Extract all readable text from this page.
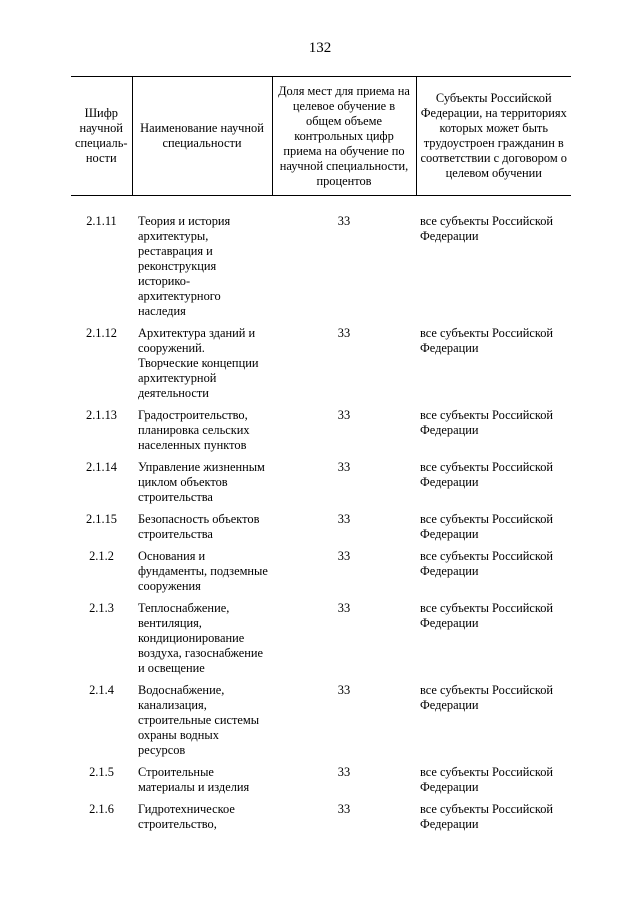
132
Шифр научной специаль-ности	Наименование научной специальности	Доля мест для приема на целевое обучение в общем объеме контрольных цифр приема на обучение по научной специальности, процентов	Субъекты Российской Федерации, на территориях которых может быть трудоустроен гражданин в соответствии с договором о целевом обучении
2.1.11	Теория и история архитектуры, реставрация и реконструкция историко-архитектурного наследия	33	все субъекты Российской Федерации
2.1.12	Архитектура зданий и сооружений. Творческие концепции архитектурной деятельности	33	все субъекты Российской Федерации
2.1.13	Градостроительство, планировка сельских населенных пунктов	33	все субъекты Российской Федерации
2.1.14	Управление жизненным циклом объектов строительства	33	все субъекты Российской Федерации
2.1.15	Безопасность объектов строительства	33	все субъекты Российской Федерации
2.1.2	Основания и фундаменты, подземные сооружения	33	все субъекты Российской Федерации
2.1.3	Теплоснабжение, вентиляция, кондиционирование воздуха, газоснабжение и освещение	33	все субъекты Российской Федерации
2.1.4	Водоснабжение, канализация, строительные системы охраны водных ресурсов	33	все субъекты Российской Федерации
2.1.5	Строительные материалы и изделия	33	все субъекты Российской Федерации
2.1.6	Гидротехническое строительство,	33	все субъекты Российской Федерации
